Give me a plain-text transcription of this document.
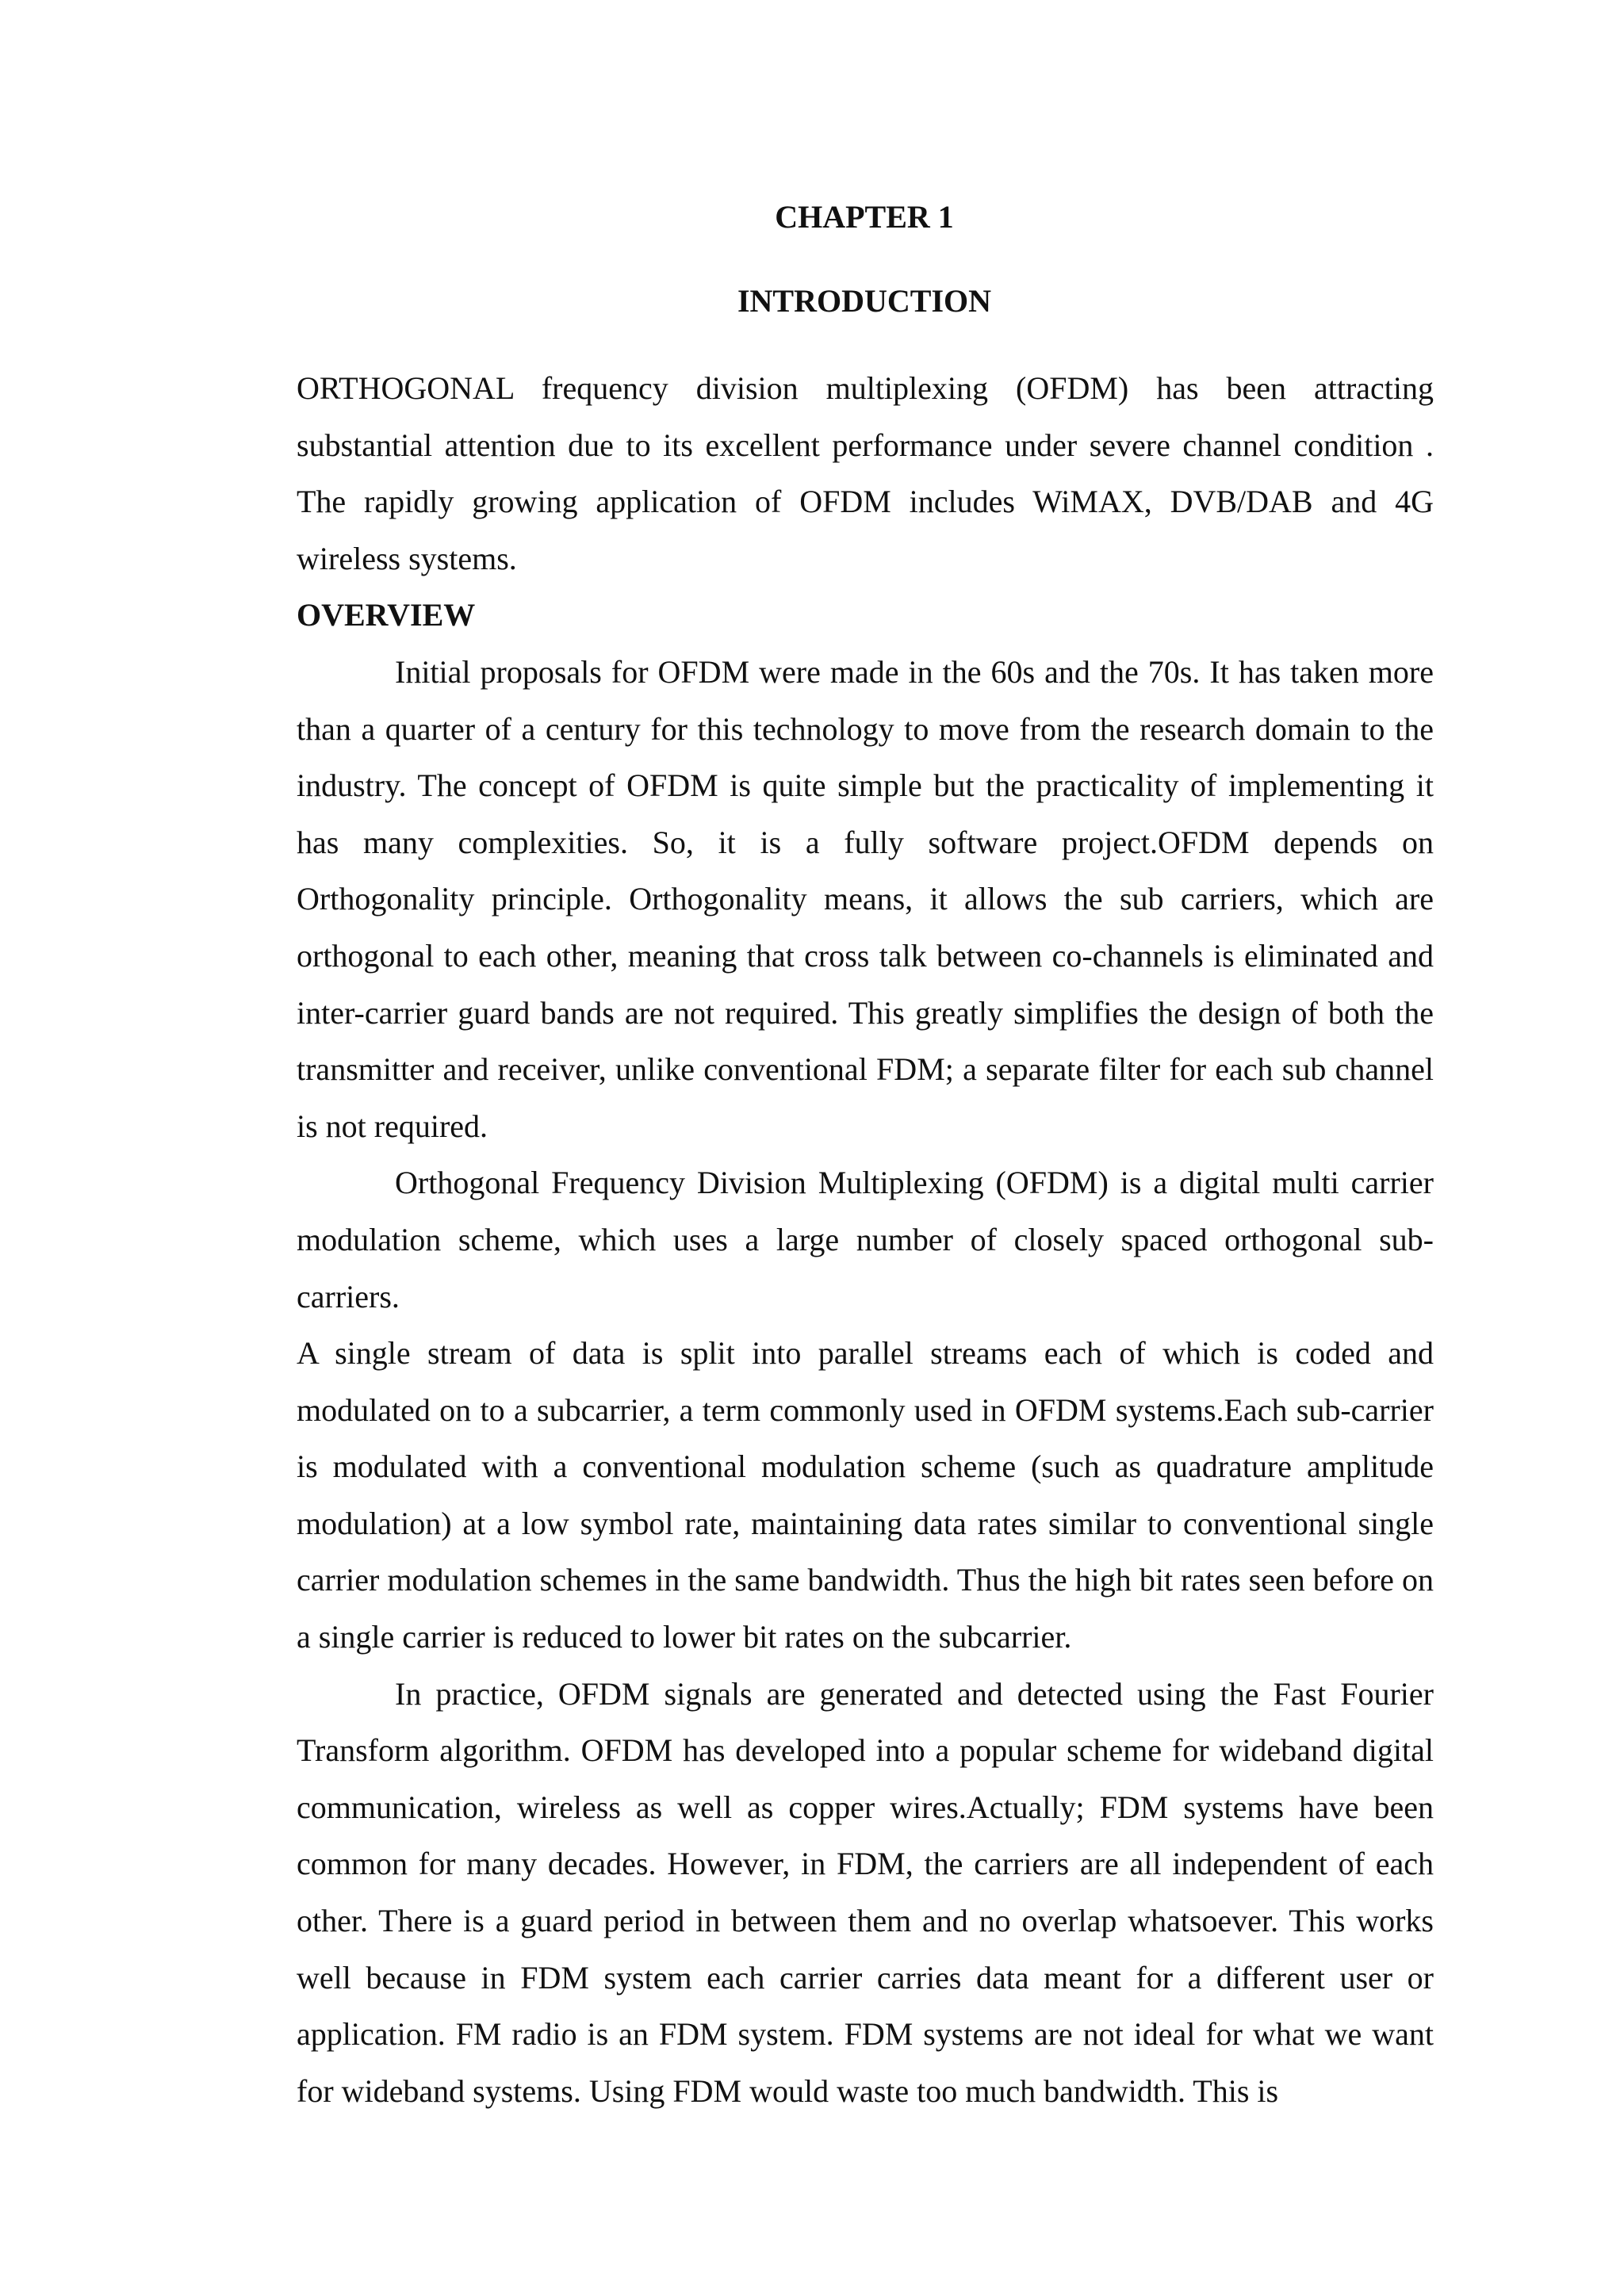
CHAPTER 1
INTRODUCTION

ORTHOGONAL frequency division multiplexing (OFDM) has been attracting substantial attention due to its excellent performance under severe channel condition . The rapidly growing application of OFDM includes WiMAX, DVB/DAB and 4G wireless systems.

OVERVIEW

Initial proposals for OFDM were made in the 60s and the 70s. It has taken more than a quarter of a century for this technology to move from the research domain to the industry. The concept of OFDM is quite simple but the practicality of implementing it has many complexities. So, it is a fully software project.OFDM depends on Orthogonality principle. Orthogonality means, it allows the sub carriers, which are orthogonal to each other, meaning that cross talk between co-channels is eliminated and inter-carrier guard bands are not required. This greatly simplifies the design of both the transmitter and receiver, unlike conventional FDM; a separate filter for each sub channel is not required.

Orthogonal Frequency Division Multiplexing (OFDM) is a digital multi carrier modulation scheme, which uses a large number of closely spaced orthogonal sub-carriers.

A single stream of data is split into parallel streams each of which is coded and modulated on to a subcarrier, a term commonly used in OFDM systems.Each sub-carrier is modulated with a conventional modulation scheme (such as quadrature amplitude modulation) at a low symbol rate, maintaining data rates similar to conventional single carrier modulation schemes in the same bandwidth. Thus the high bit rates seen before on a single carrier is reduced to lower bit rates on the subcarrier.

In practice, OFDM signals are generated and detected using the Fast Fourier Transform algorithm. OFDM has developed into a popular scheme for wideband digital communication, wireless as well as copper wires.Actually; FDM systems have been common for many decades. However, in FDM, the carriers are all independent of each other. There is a guard period in between them and no overlap whatsoever. This works well because in FDM system each carrier carries data meant for a different user or application. FM radio is an FDM system. FDM systems are not ideal for what we want for wideband systems. Using FDM would waste too much bandwidth. This is
